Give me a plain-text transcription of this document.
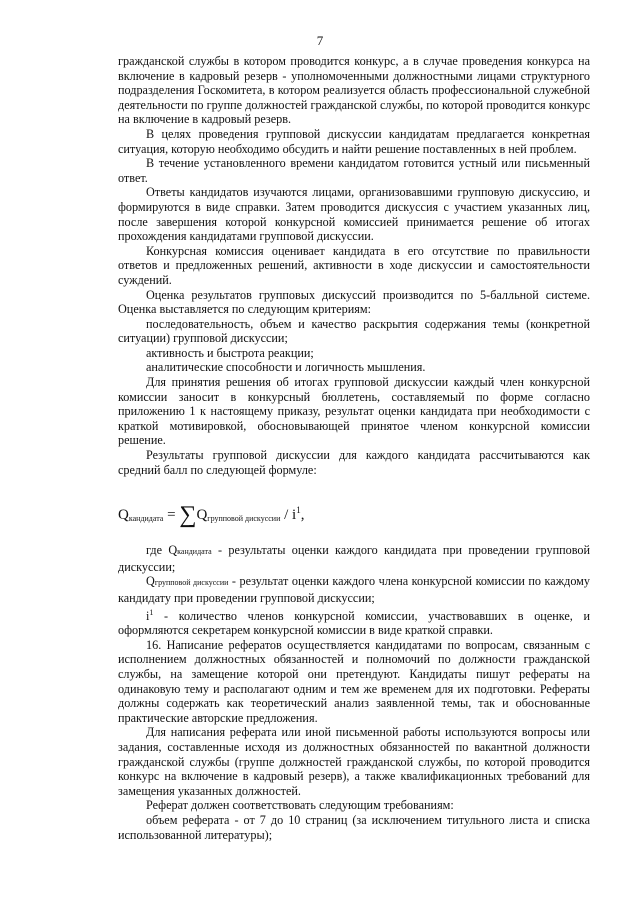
7

гражданской службы в котором проводится конкурс, а в случае проведения конкурса на включение в кадровый резерв - уполномоченными должностными лицами структурного подразделения Госкомитета, в котором реализуется область профессиональной служебной деятельности по группе должностей гражданской службы, по которой проводится конкурс на включение в кадровый резерв.

В целях проведения групповой дискуссии кандидатам предлагается конкретная ситуация, которую необходимо обсудить и найти решение поставленных в ней проблем.

В течение установленного времени кандидатом готовится устный или письменный ответ.

Ответы кандидатов изучаются лицами, организовавшими групповую дискуссию, и формируются в виде справки. Затем проводится дискуссия с участием указанных лиц, после завершения которой конкурсной комиссией принимается решение об итогах прохождения кандидатами групповой дискуссии.

Конкурсная комиссия оценивает кандидата в его отсутствие по правильности ответов и предложенных решений, активности в ходе дискуссии и самостоятельности суждений.

Оценка результатов групповых дискуссий производится по 5-балльной системе. Оценка выставляется по следующим критериям:

последовательность, объем и качество раскрытия содержания темы (конкретной ситуации) групповой дискуссии;

активность и быстрота реакции;

аналитические способности и логичность мышления.

Для принятия решения об итогах групповой дискуссии каждый член конкурсной комиссии заносит в конкурсный бюллетень, составляемый по форме согласно приложению 1 к настоящему приказу, результат оценки кандидата при необходимости с краткой мотивировкой, обосновывающей принятое членом конкурсной комиссии решение.

Результаты групповой дискуссии для каждого кандидата рассчитываются как средний балл по следующей формуле:

$Q_{кандидата} = \sum Q_{групповой дискуссии} / i^1$,

где Qкандидата - результаты оценки каждого кандидата при проведении групповой дискуссии;

Qгрупповой дискуссии - результат оценки каждого члена конкурсной комиссии по каждому кандидату при проведении групповой дискуссии;

$i^1$ - количество членов конкурсной комиссии, участвовавших в оценке, и оформляются секретарем конкурсной комиссии в виде краткой справки.

16. Написание рефератов осуществляется кандидатами по вопросам, связанным с исполнением должностных обязанностей и полномочий по должности гражданской службы, на замещение которой они претендуют. Кандидаты пишут рефераты на одинаковую тему и располагают одним и тем же временем для их подготовки. Рефераты должны содержать как теоретический анализ заявленной темы, так и обоснованные практические авторские предложения.

Для написания реферата или иной письменной работы используются вопросы или задания, составленные исходя из должностных обязанностей по вакантной должности гражданской службы (группе должностей гражданской службы, по которой проводится конкурс на включение в кадровый резерв), а также квалификационных требований для замещения указанных должностей.

Реферат должен соответствовать следующим требованиям:

объем реферата - от 7 до 10 страниц (за исключением титульного листа и списка использованной литературы);
